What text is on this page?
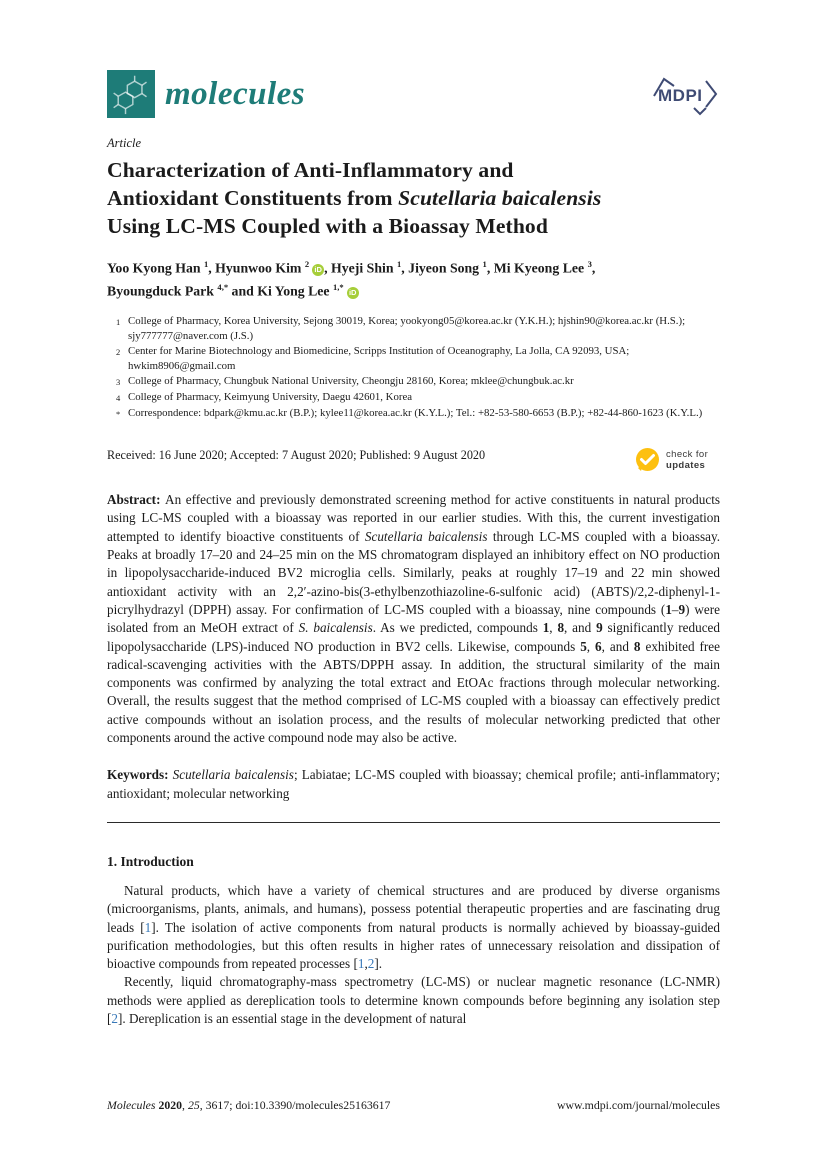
molecules	MDPI
Article
Characterization of Anti-Inflammatory and
Antioxidant Constituents from Scutellaria baicalensis
Using LC-MS Coupled with a Bioassay Method
Yoo Kyong Han $^1$, Hyunwoo Kim $^2$iD , Hyeji Shin $^1$, Jiyeon Song $^1$, Mi Kyeong Lee $^3$,
Byoungduck Park $^{4,*}$ and Ki Yong Lee $^{1,*}$iD
1 College of Pharmacy, Korea University, Sejong 30019, Korea; yookyong05@korea.ac.kr (Y.K.H.); hjshin90@korea.ac.kr (H.S.); sjy777777@naver.com (J.S.)
2 Center for Marine Biotechnology and Biomedicine, Scripps Institution of Oceanography, La Jolla, CA 92093, USA; hwkim8906@gmail.com
3 College of Pharmacy, Chungbuk National University, Cheongju 28160, Korea; mklee@chungbuk.ac.kr
4 College of Pharmacy, Keimyung University, Daegu 42601, Korea
* Correspondence: bdpark@kmu.ac.kr (B.P.); kylee11@korea.ac.kr (K.Y.L.); Tel.: +82-53-580-6653 (B.P.); +82-44-860-1623 (K.Y.L.)
Received: 16 June 2020; Accepted: 7 August 2020; Published: 9 August 2020
Abstract: An effective and previously demonstrated screening method for active constituents in natural products using LC-MS coupled with a bioassay was reported in our earlier studies. With this, the current investigation attempted to identify bioactive constituents of Scutellaria baicalensis through LC-MS coupled with a bioassay. Peaks at broadly 17–20 and 24–25 min on the MS chromatogram displayed an inhibitory effect on NO production in lipopolysaccharide-induced BV2 microglia cells. Similarly, peaks at roughly 17–19 and 22 min showed antioxidant activity with an 2,2′-azino-bis(3-ethylbenzothiazoline-6-sulfonic acid) (ABTS)/2,2-diphenyl-1- picrylhydrazyl (DPPH) assay. For confirmation of LC-MS coupled with a bioassay, nine compounds (1–9) were isolated from an MeOH extract of S. baicalensis. As we predicted, compounds 1, 8, and 9 significantly reduced lipopolysaccharide (LPS)-induced NO production in BV2 cells. Likewise, compounds 5, 6, and 8 exhibited free radical-scavenging activities with the ABTS/DPPH assay. In addition, the structural similarity of the main components was confirmed by analyzing the total extract and EtOAc fractions through molecular networking. Overall, the results suggest that the method comprised of LC-MS coupled with a bioassay can effectively predict active compounds without an isolation process, and the results of molecular networking predicted that other components around the active compound node may also be active.
Keywords: Scutellaria baicalensis; Labiatae; LC-MS coupled with bioassay; chemical profile; anti-inflammatory; antioxidant; molecular networking
1. Introduction

Natural products, which have a variety of chemical structures and are produced by diverse organisms (microorganisms, plants, animals, and humans), possess potential therapeutic properties and are fascinating drug leads [1]. The isolation of active components from natural products is normally achieved by bioassay-guided purification methodologies, but this often results in higher rates of unnecessary reisolation and dissipation of bioactive compounds from repeated processes [1,2].

Recently, liquid chromatography-mass spectrometry (LC-MS) or nuclear magnetic resonance (LC-NMR) methods were applied as dereplication tools to determine known compounds before beginning any isolation step [2]. Dereplication is an essential stage in the development of natural

check for
updates
Molecules 2020, 25, 3617; doi:10.3390/molecules25163617	www.mdpi.com/journal/molecules
